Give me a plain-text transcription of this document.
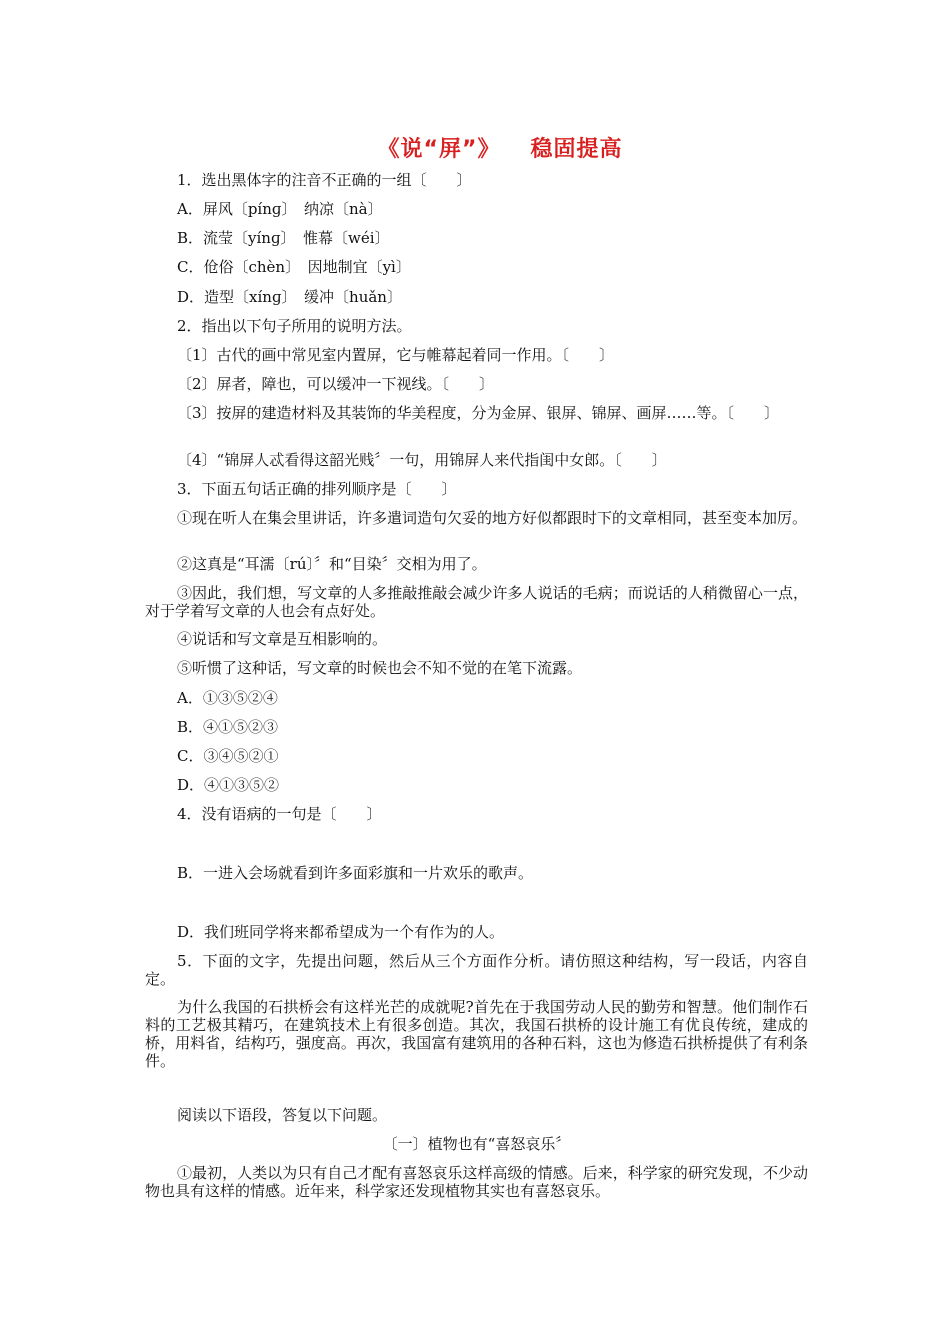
《说“屏”》 稳固提高
1．选出黑体字的注音不正确的一组〔　　〕
A．屏风〔pínɡ〕　纳凉〔nà〕
B．流莹〔yínɡ〕　惟幕〔wéi〕
C．伧俗〔chèn〕　因地制宜〔yì〕
D．造型〔xínɡ〕　缓冲〔huǎn〕
2．指出以下句子所用的说明方法。
〔1〕古代的画中常见室内置屏，它与帷幕起着同一作用。〔　　〕
〔2〕屏者，障也，可以缓冲一下视线。〔　　〕
〔3〕按屏的建造材料及其装饰的华美程度，分为金屏、银屏、锦屏、画屏……等。〔　　〕
〔4〕“锦屏人忒看得这韶光贱〞一句，用锦屏人来代指闺中女郎。〔　　〕
3．下面五句话正确的排列顺序是〔　　〕
①现在听人在集会里讲话，许多遣词造句欠妥的地方好似都跟时下的文章相同，甚至变本加厉。
②这真是“耳濡〔rú〕〞和“目染〞交相为用了。
③因此，我们想，写文章的人多推敲推敲会减少许多人说话的毛病；而说话的人稍微留心一点，对于学着写文章的人也会有点好处。
④说话和写文章是互相影响的。
⑤听惯了这种话，写文章的时候也会不知不觉的在笔下流露。
A．①③⑤②④
B．④①⑤②③
C．③④⑤②①
D．④①③⑤②
4．没有语病的一句是〔　　〕
B．一进入会场就看到许多面彩旗和一片欢乐的歌声。
D．我们班同学将来都希望成为一个有作为的人。
5．下面的文字，先提出问题，然后从三个方面作分析。请仿照这种结构，写一段话，内容自定。
为什么我国的石拱桥会有这样光芒的成就呢?首先在于我国劳动人民的勤劳和智慧。他们制作石料的工艺极其精巧，在建筑技术上有很多创造。其次，我国石拱桥的设计施工有优良传统，建成的桥，用料省，结构巧，强度高。再次，我国富有建筑用的各种石料，这也为修造石拱桥提供了有利条件。
阅读以下语段，答复以下问题。
〔一〕植物也有“喜怒哀乐〞
①最初，人类以为只有自己才配有喜怒哀乐这样高级的情感。后来，科学家的研究发现，不少动物也具有这样的情感。近年来，科学家还发现植物其实也有喜怒哀乐。
